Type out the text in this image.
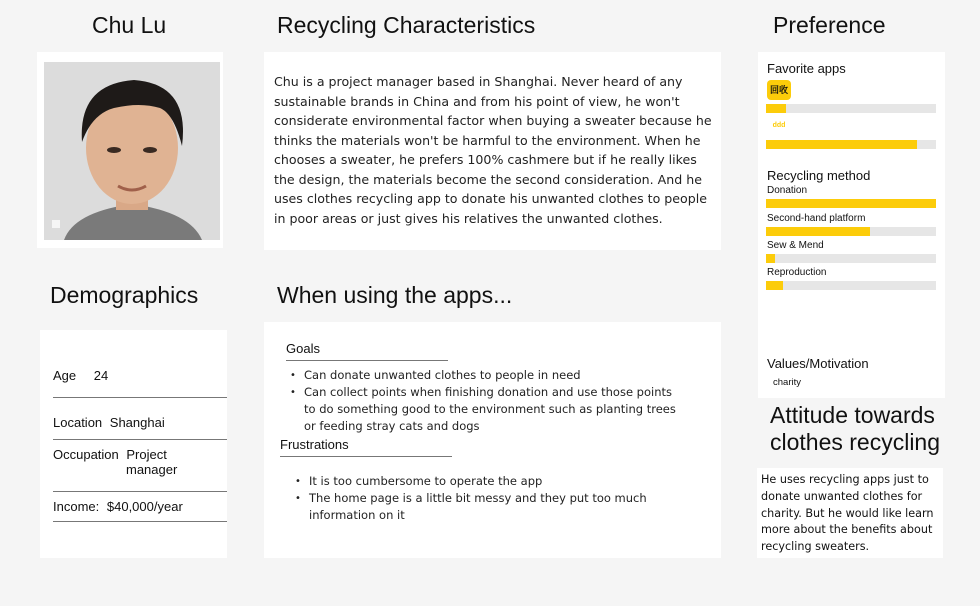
Chu Lu	Recycling Characteristics	Preference
Demographics	When using the apps...
Chu is a project manager based in Shanghai. Never heard of any sustainable brands in China and from his point of view, he won't considerate environmental factor when buying a sweater because he thinks the materials won't be harmful to the environment. When he chooses a sweater, he prefers 100% cashmere but if he really likes the design, the materials become the second consideration. And he uses clothes recycling app to donate his unwanted clothes to people in poor areas or just gives his relatives the unwanted clothes.
Favorite apps
回收
ddd
Recycling method
Donation
Second-hand platform
Sew & Mend
Reproduction
Values/Motivation
charity
Attitude towards
clothes recycling
He uses recycling apps just to donate unwanted clothes for charity. But he would like learn more about the benefits about recycling sweaters.
Age 24
Location Shanghai
Occupation Project
manager
Income: $40,000/year
Goals
• Can donate unwanted clothes to people in need
• Can collect points when finishing donation and use those points to do something good to the environment such as planting trees or feeding stray cats and dogs
Frustrations
• It is too cumbersome to operate the app
• The home page is a little bit messy and they put too much information on it
